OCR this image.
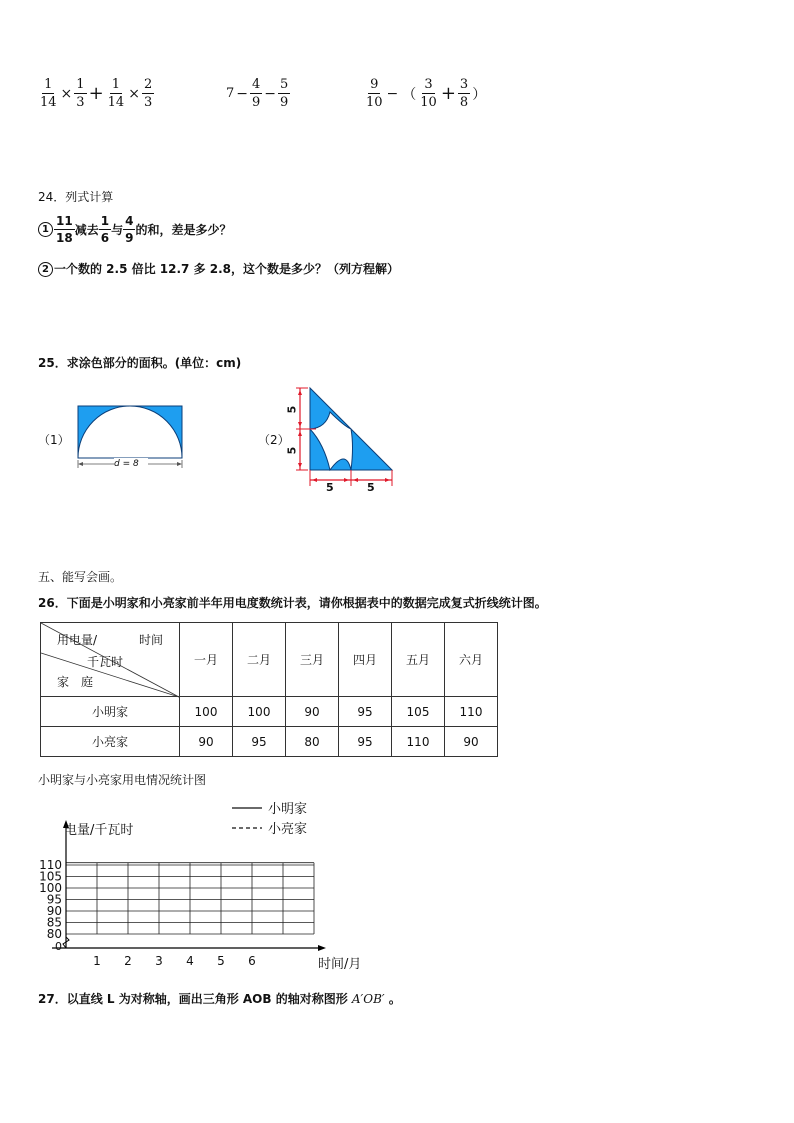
$\frac{1}{14} \times \frac{1}{3} + \frac{1}{14} \times \frac{2}{3}$	$7 - \frac{4}{9} - \frac{5}{9}$	$\frac{9}{10}$ − （ $\frac{3}{10} + \frac{3}{8}$ ）
24．列式计算
$1 \frac{11}{18}$ 减去 $\frac{1}{6}$ 与 $\frac{4}{9}$ 的和，差是多少？
2 一个数的 2.5 倍比 12.7 多 2.8，这个数是多少？（列方程解）
25．求涂色部分的面积。(单位：cm)
（1）
d = 8
（2）
5
5
5	5
五、能写会画。
26．下面是小明家和小亮家前半年用电度数统计表，请你根据表中的数据完成复式折线统计图。
用电量/ 时间
千瓦时
家　庭	一月	二月	三月	四月	五月	六月
小明家	100	100	90	95	105	110
小亮家	90	95	80	95	110	90
小明家与小亮家用电情况统计图
80
85
90
95
100
105
110
0
1 2 3 4 5 6
电量/千瓦时
时间/月
小明家
小亮家
27．以直线 L 为对称轴，画出三角形 AOB 的轴对称图形 A′OB′ 。
